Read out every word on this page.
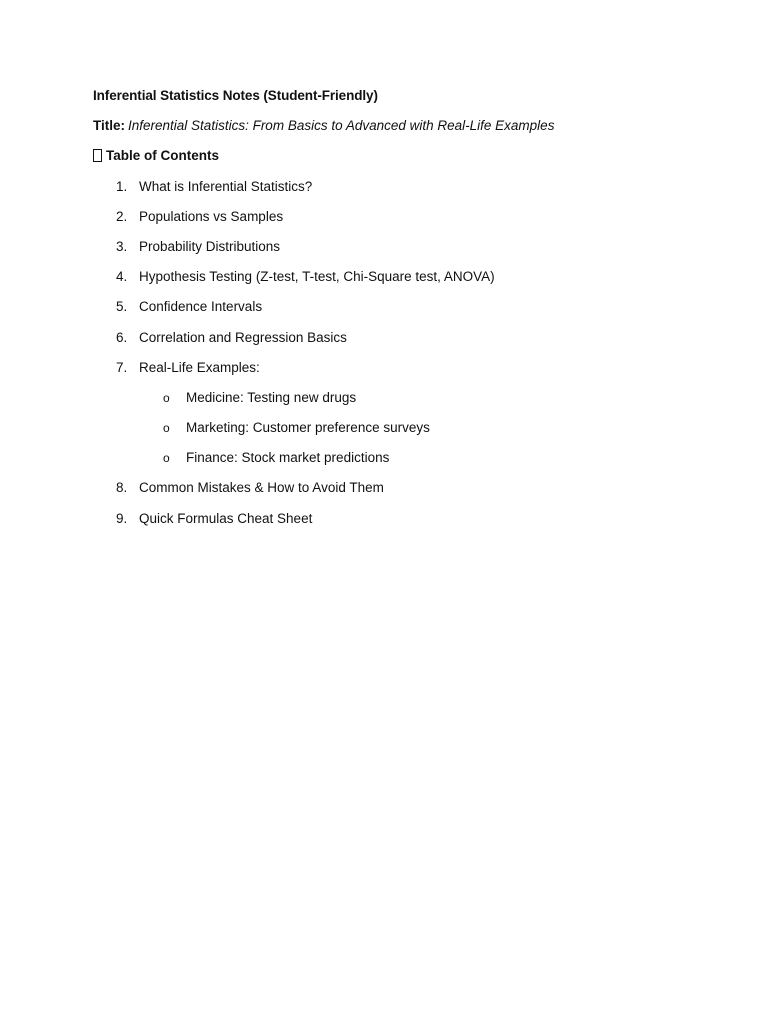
Inferential Statistics Notes (Student-Friendly)
Title: Inferential Statistics: From Basics to Advanced with Real-Life Examples
Table of Contents
1. What is Inferential Statistics?
2. Populations vs Samples
3. Probability Distributions
4. Hypothesis Testing (Z-test, T-test, Chi-Square test, ANOVA)
5. Confidence Intervals
6. Correlation and Regression Basics
7. Real-Life Examples:
o Medicine: Testing new drugs
o Marketing: Customer preference surveys
o Finance: Stock market predictions
8. Common Mistakes & How to Avoid Them
9. Quick Formulas Cheat Sheet
